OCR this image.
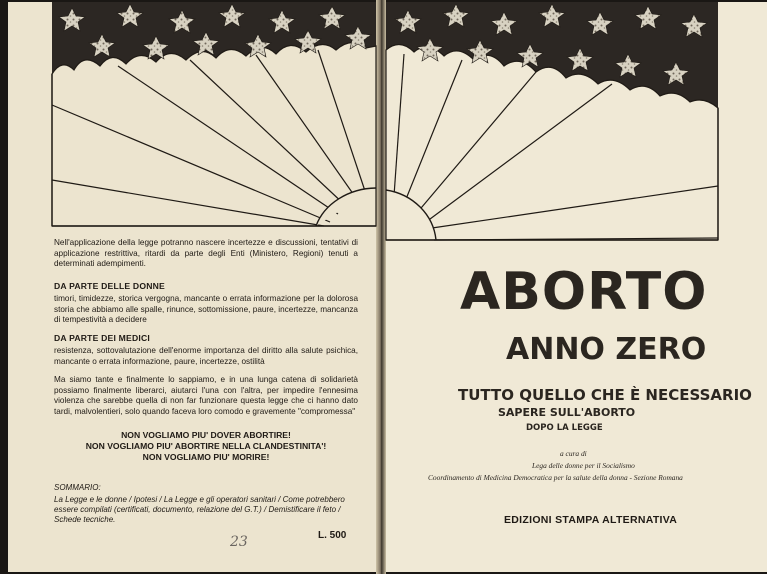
Nell'applicazione della legge potranno nascere incertezze e discussioni, tentativi di applicazione restrittiva, ritardi da parte degli Enti (Ministero, Regioni) tenuti a determinati adempimenti.
DA PARTE DELLE DONNE
timori, timidezze, storica vergogna, mancante o errata informazione per la dolorosa storia che abbiamo alle spalle, rinunce, sottomissione, paure, incertezze, mancanza di tempestività a decidere
DA PARTE DEI MEDICI
resistenza, sottovalutazione dell'enorme importanza del diritto alla salute psichica, mancante o errata informazione, paure, incertezze, ostilità
Ma siamo tante e finalmente lo sappiamo, e in una lunga catena di solidarietà possiamo finalmente liberarci, aiutarci l'una con l'altra, per impedire l'ennesima violenza che sarebbe quella di non far funzionare questa legge che ci hanno dato tardi, malvolentieri, solo quando faceva loro comodo e gravemente "compromessa"
NON VOGLIAMO PIU' DOVER ABORTIRE!
NON VOGLIAMO PIU' ABORTIRE NELLA CLANDESTINITA'!
NON VOGLIAMO PIU' MORIRE!
SOMMARIO:
La Legge e le donne / Ipotesi / La Legge e gli operatori sanitari / Come potrebbero essere compilati (certificati, documento, relazione del G.T.) / Demistificare il feto / Schede tecniche.
23	L. 500
ABORTO
ANNO ZERO
TUTTO QUELLO CHE È NECESSARIO
SAPERE SULL'ABORTO
DOPO LA LEGGE
a cura di
Lega delle donne per il Socialismo
Coordinamento di Medicina Democratica per la salute della donna - Sezione Romana
EDIZIONI STAMPA ALTERNATIVA
